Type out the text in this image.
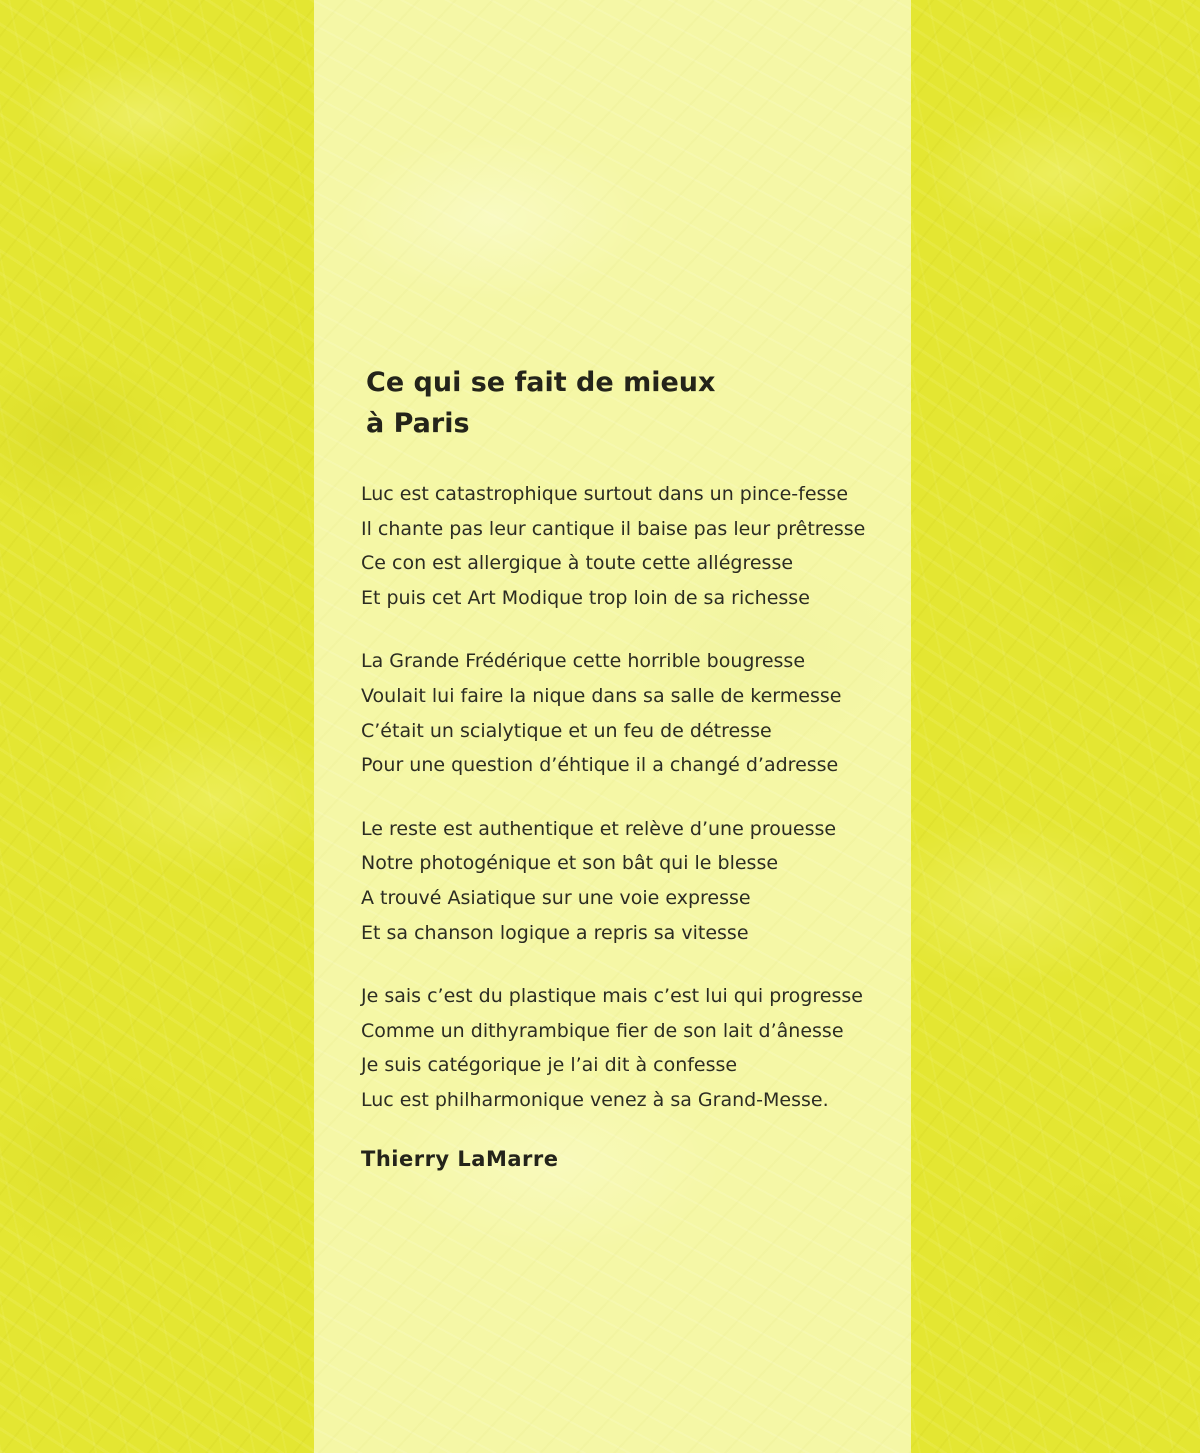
Ce qui se fait de mieux
à Paris
Luc est catastrophique surtout dans un pince-fesse
Il chante pas leur cantique il baise pas leur prêtresse
Ce con est allergique à toute cette allégresse
Et puis cet Art Modique trop loin de sa richesse
La Grande Frédérique cette horrible bougresse
Voulait lui faire la nique dans sa salle de kermesse
C’était un scialytique et un feu de détresse
Pour une question d’éhtique il a changé d’adresse
Le reste est authentique et relève d’une prouesse
Notre photogénique et son bât qui le blesse
A trouvé Asiatique sur une voie expresse
Et sa chanson logique a repris sa vitesse
Je sais c’est du plastique mais c’est lui qui progresse
Comme un dithyrambique fier de son lait d’ânesse
Je suis catégorique je l’ai dit à confesse
Luc est philharmonique venez à sa Grand-Messe.
Thierry LaMarre
